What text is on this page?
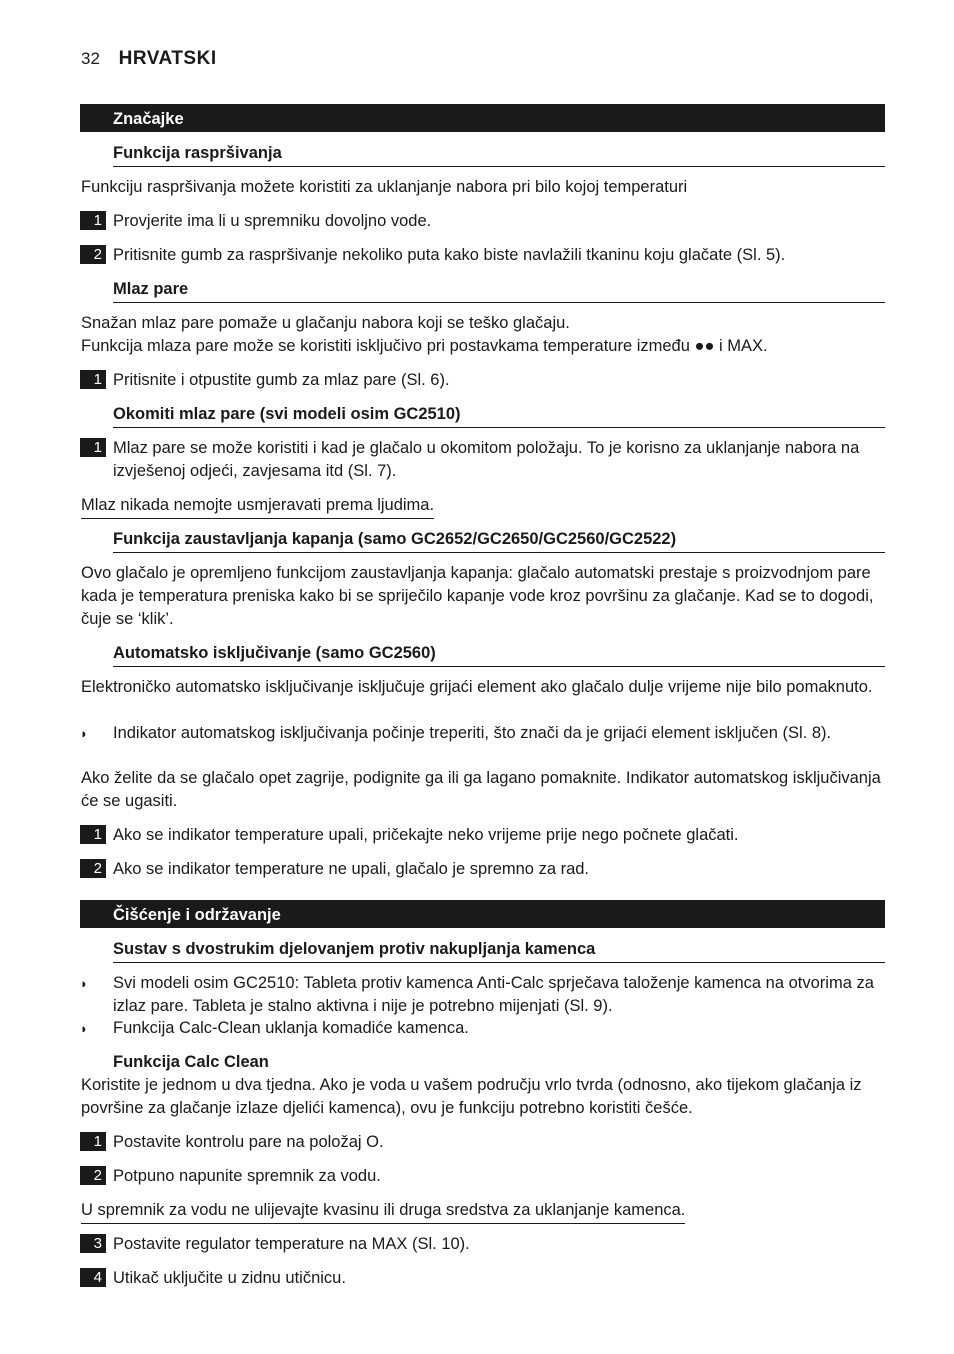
32 HRVATSKI
Značajke
Funkcija raspršivanja
Funkciju raspršivanja možete koristiti za uklanjanje nabora pri bilo kojoj temperaturi
1 Provjerite ima li u spremniku dovoljno vode.
2 Pritisnite gumb za raspršivanje nekoliko puta kako biste navlažili tkaninu koju glačate (Sl. 5).
Mlaz pare
Snažan mlaz pare pomaže u glačanju nabora koji se teško glačaju.
Funkcija mlaza pare može se koristiti isključivo pri postavkama temperature između ●● i MAX.
1 Pritisnite i otpustite gumb za mlaz pare (Sl. 6).
Okomiti mlaz pare (svi modeli osim GC2510)
1 Mlaz pare se može koristiti i kad je glačalo u okomitom položaju. To je korisno za uklanjanje nabora na izvješenoj odjeći, zavjesama itd (Sl. 7).
Mlaz nikada nemojte usmjeravati prema ljudima.
Funkcija zaustavljanja kapanja (samo GC2652/GC2650/GC2560/GC2522)
Ovo glačalo je opremljeno funkcijom zaustavljanja kapanja: glačalo automatski prestaje s proizvodnjom pare kada je temperatura preniska kako bi se spriječilo kapanje vode kroz površinu za glačanje. Kad se to dogodi, čuje se ‘klik’.
Automatsko isključivanje (samo GC2560)
Elektroničko automatsko isključivanje isključuje grijaći element ako glačalo dulje vrijeme nije bilo pomaknuto.
◗ Indikator automatskog isključivanja počinje treperiti, što znači da je grijaći element isključen (Sl. 8).
Ako želite da se glačalo opet zagrije, podignite ga ili ga lagano pomaknite. Indikator automatskog isključivanja će se ugasiti.
1 Ako se indikator temperature upali, pričekajte neko vrijeme prije nego počnete glačati.
2 Ako se indikator temperature ne upali, glačalo je spremno za rad.
Čišćenje i održavanje
Sustav s dvostrukim djelovanjem protiv nakupljanja kamenca
◗ Svi modeli osim GC2510: Tableta protiv kamenca Anti-Calc sprječava taloženje kamenca na otvorima za izlaz pare. Tableta je stalno aktivna i nije je potrebno mijenjati (Sl. 9).
◗ Funkcija Calc-Clean uklanja komadiće kamenca.
Funkcija Calc Clean
Koristite je jednom u dva tjedna. Ako je voda u vašem području vrlo tvrda (odnosno, ako tijekom glačanja iz površine za glačanje izlaze djelići kamenca), ovu je funkciju potrebno koristiti češće.
1 Postavite kontrolu pare na položaj O.
2 Potpuno napunite spremnik za vodu.
U spremnik za vodu ne ulijevajte kvasinu ili druga sredstva za uklanjanje kamenca.
3 Postavite regulator temperature na MAX (Sl. 10).
4 Utikač uključite u zidnu utičnicu.
